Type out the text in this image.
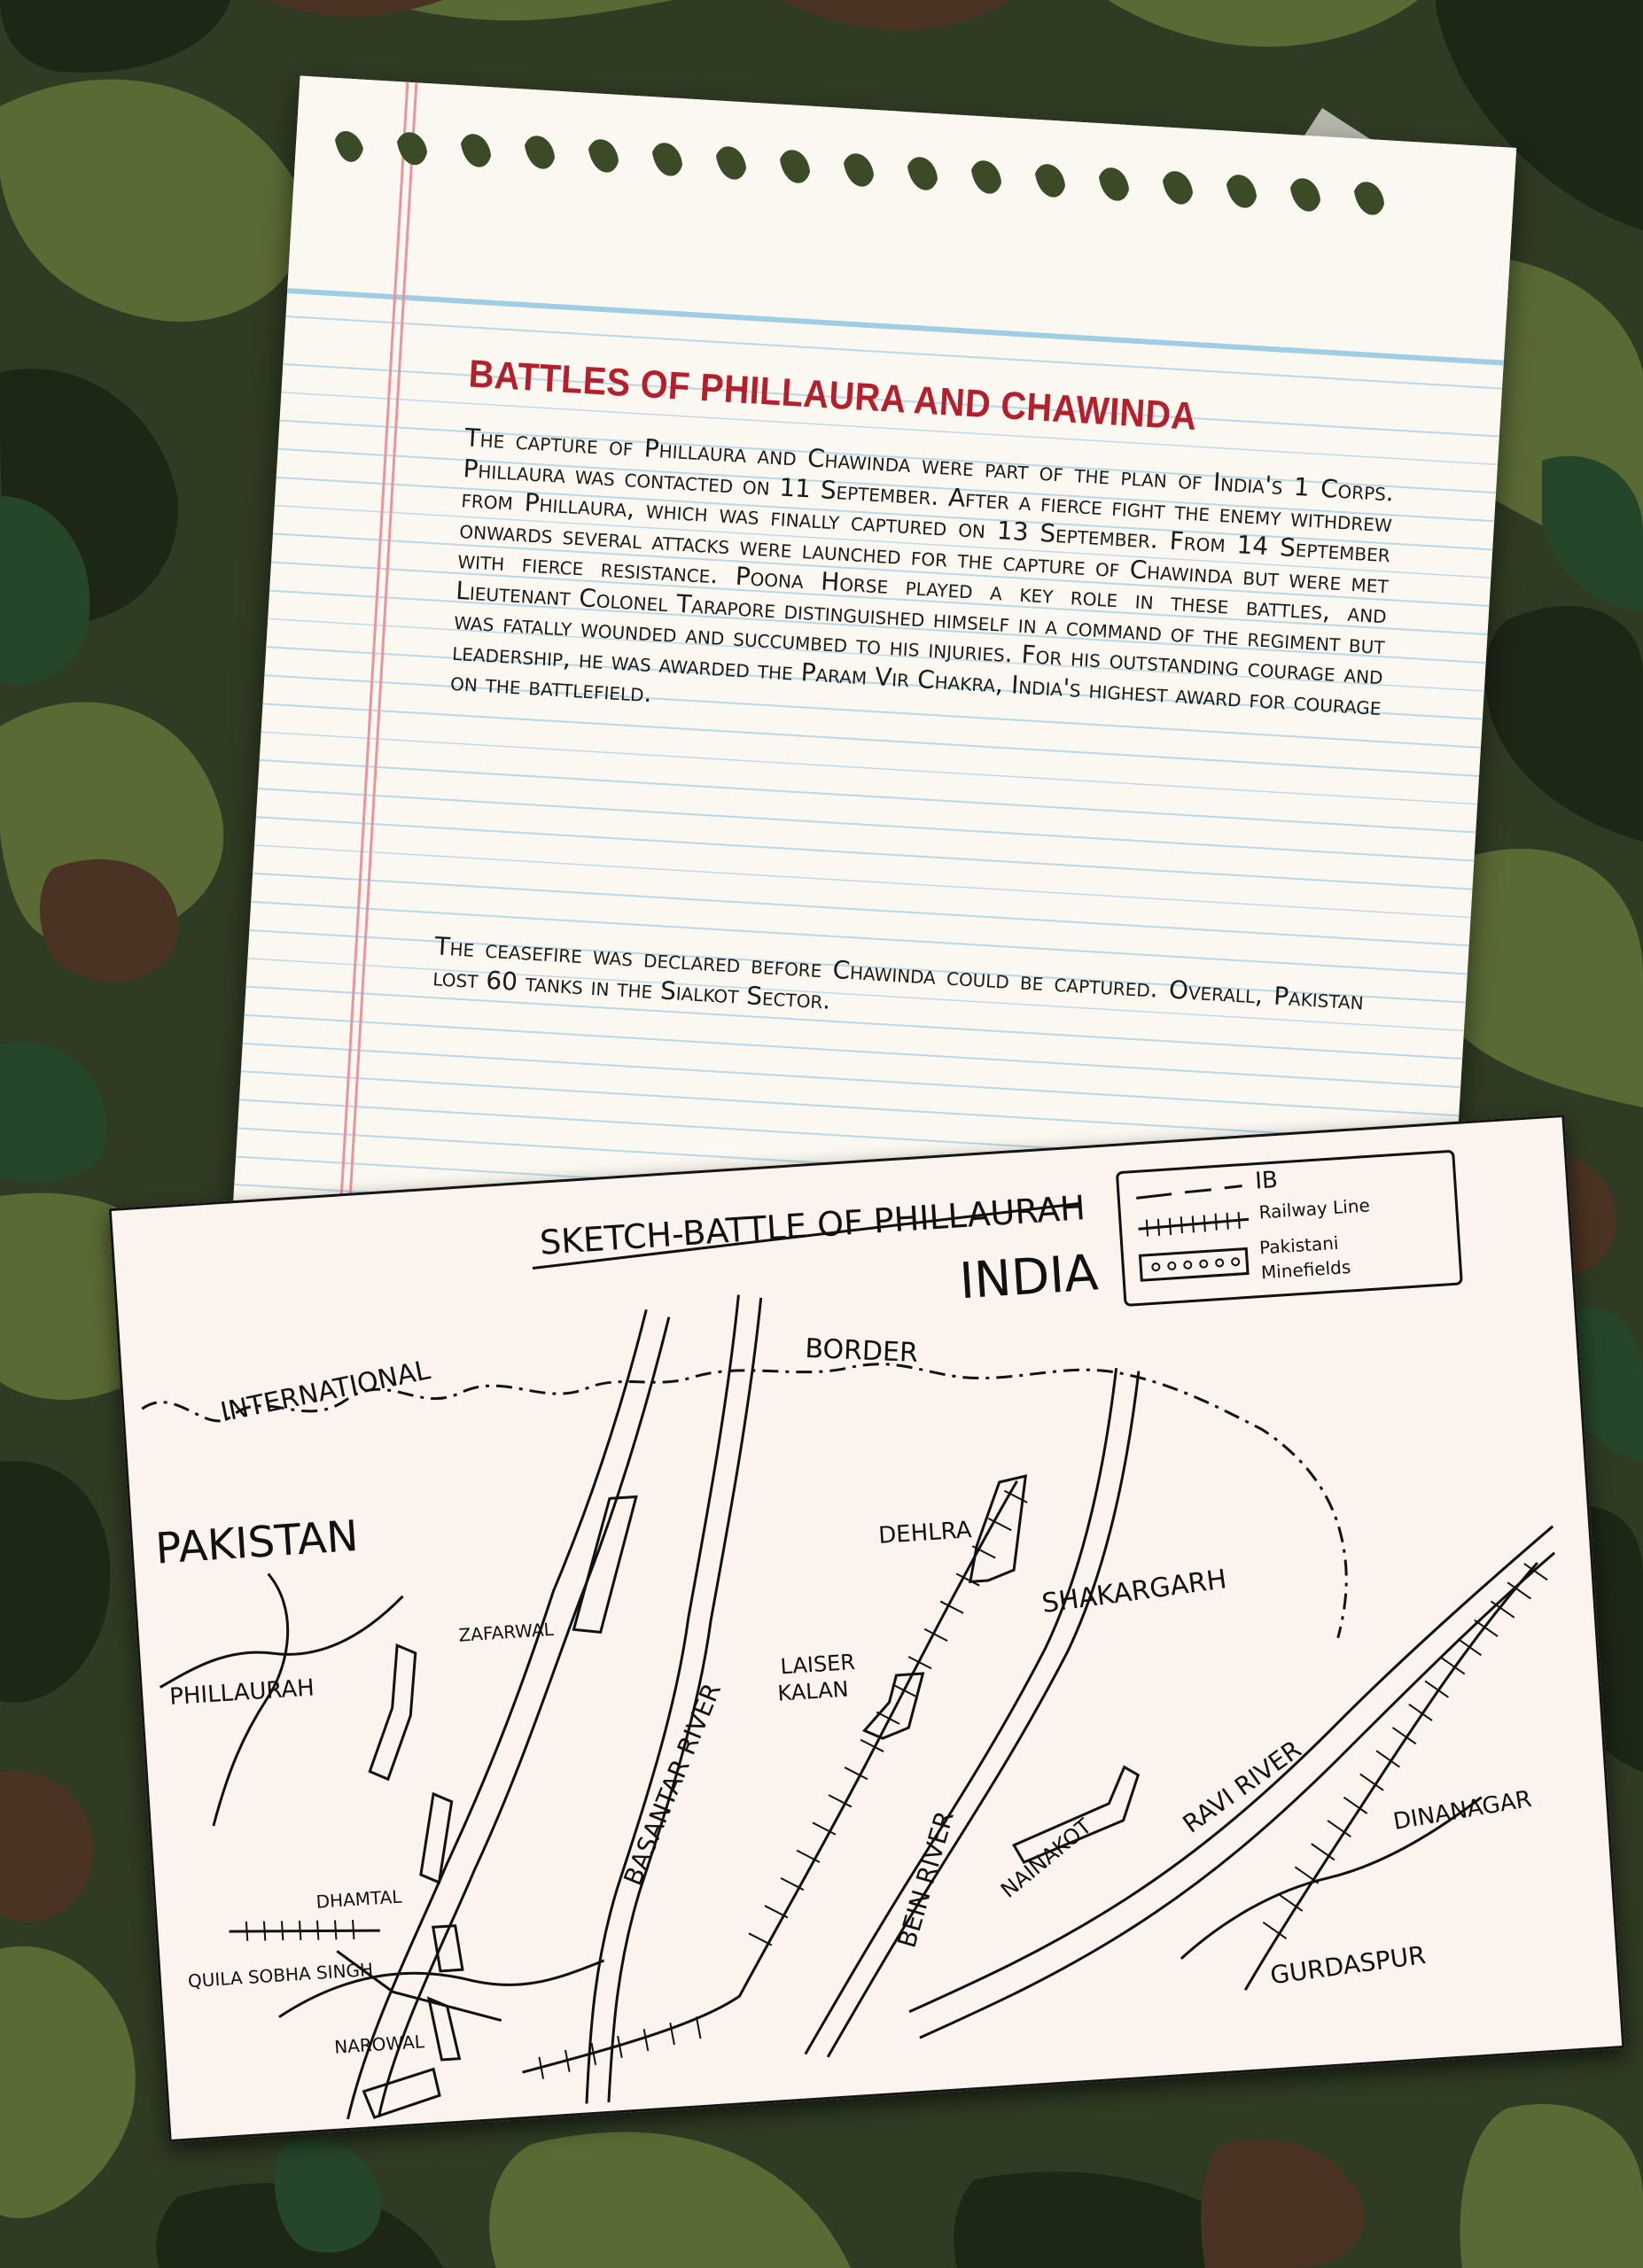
BATTLES OF PHILLAURA AND CHAWINDA

The capture of Phillaura and Chawinda were part of the plan of India's 1 Corps. Phillaura was contacted on 11 September. After a fierce fight the enemy withdrew from Phillaura, which was finally captured on 13 September. From 14 September onwards several attacks were launched for the capture of Chawinda but were met with fierce resistance. Poona Horse played a key role in these battles, and Lieutenant Colonel Tarapore distinguished himself in a command of the regiment but was fatally wounded and succumbed to his injuries. For his outstanding courage and leadership, he was awarded the Param Vir Chakra, India's highest award for courage on the battlefield.

The ceasefire was declared before Chawinda could be captured. Overall, Pakistan lost 60 tanks in the Sialkot Sector.

SKETCH-BATTLE OF PHILLAURAH
IB
Railway Line
Pakistani
Minefields
INDIA
PAKISTAN
INTERNATIONAL
BORDER
DEHLRA
ZAFARWAL
PHILLAURAH	BASANTAR RIVER
LAISER
KALAN
SHAKARGARH
BEIN RIVER NAINAKOT
RAVI RIVER	DINANAGAR
DHAMTAL
QUILA SOBHA SINGH
NAROWAL
GURDASPUR
